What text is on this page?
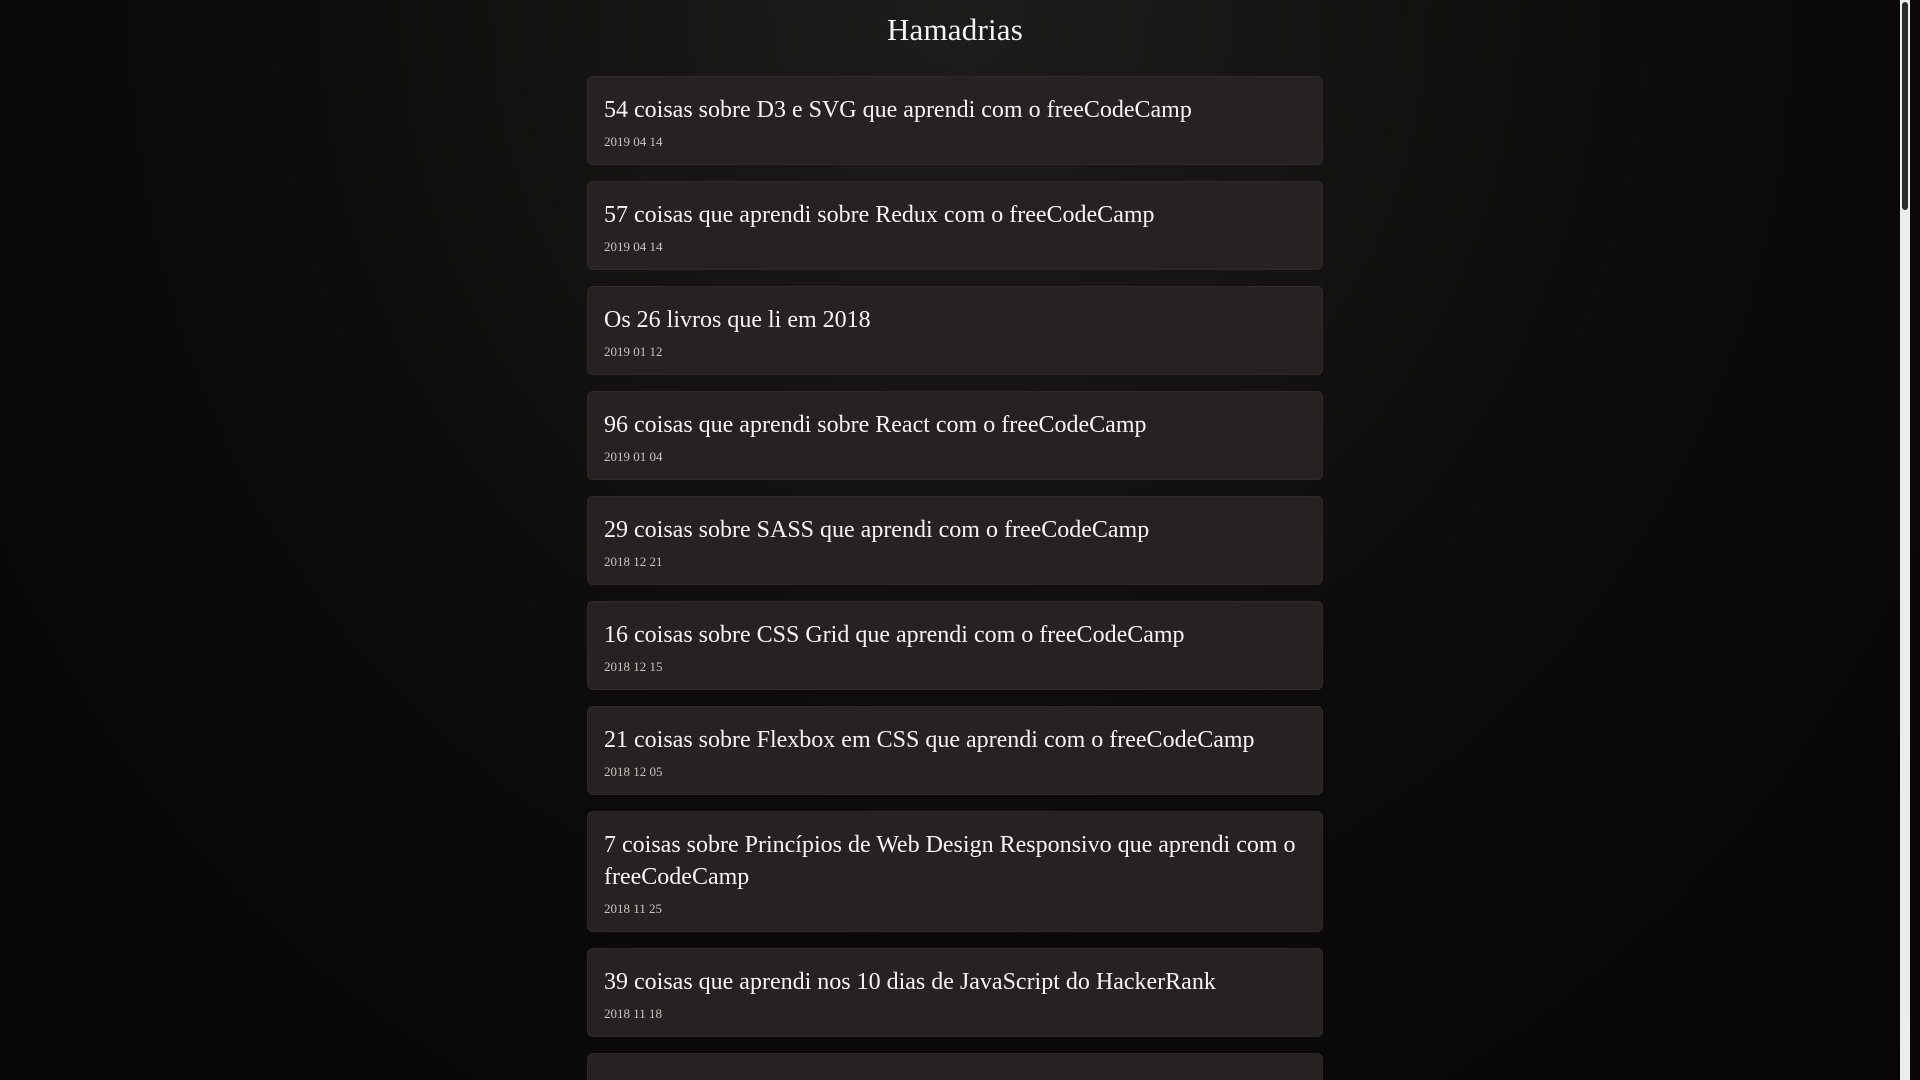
Hamadrias
54 coisas sobre D3 e SVG que aprendi com o freeCodeCamp
2019 04 14
57 coisas que aprendi sobre Redux com o freeCodeCamp
2019 04 14
Os 26 livros que li em 2018
2019 01 12
96 coisas que aprendi sobre React com o freeCodeCamp
2019 01 04
29 coisas sobre SASS que aprendi com o freeCodeCamp
2018 12 21
16 coisas sobre CSS Grid que aprendi com o freeCodeCamp
2018 12 15
21 coisas sobre Flexbox em CSS que aprendi com o freeCodeCamp
2018 12 05
7 coisas sobre Princípios de Web Design Responsivo que aprendi com o freeCodeCamp
2018 11 25
39 coisas que aprendi nos 10 dias de JavaScript do HackerRank
2018 11 18
